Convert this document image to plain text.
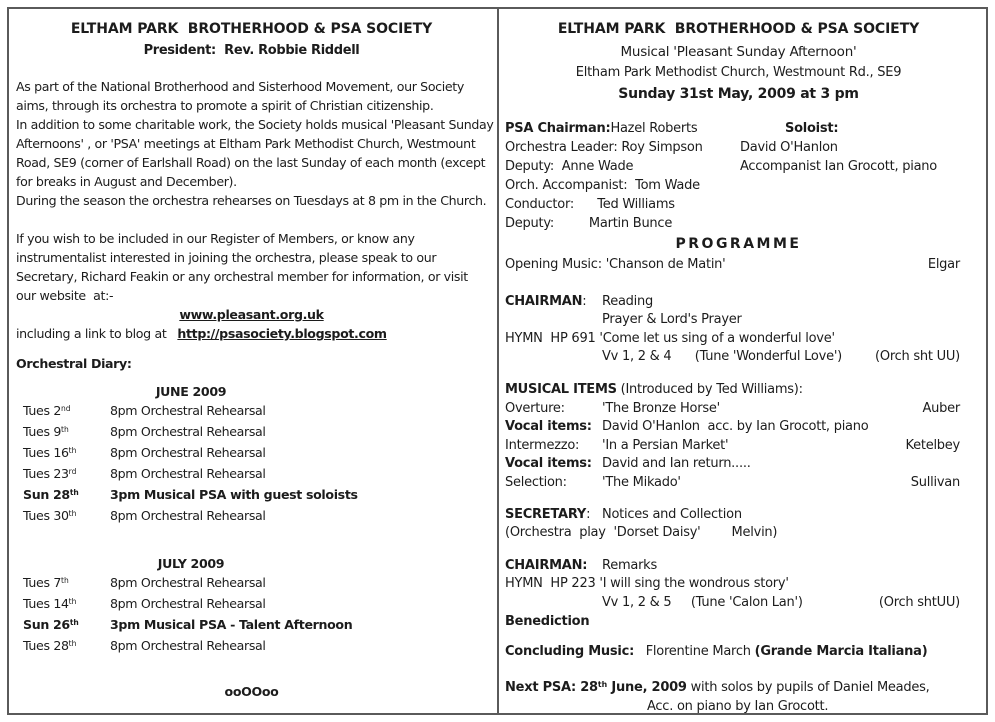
ELTHAM PARK  BROTHERHOOD & PSA SOCIETY
President:  Rev. Robbie Riddell
As part of the National Brotherhood and Sisterhood Movement, our Society
aims, through its orchestra to promote a spirit of Christian citizenship.
In addition to some charitable work, the Society holds musical 'Pleasant Sunday
Afternoons' , or 'PSA' meetings at Eltham Park Methodist Church, Westmount
Road, SE9 (corner of Earlshall Road) on the last Sunday of each month (except
for breaks in August and December).
During the season the orchestra rehearses on Tuesdays at 8 pm in the Church.
If you wish to be included in our Register of Members, or know any
instrumentalist interested in joining the orchestra, please speak to our
Secretary, Richard Feakin or any orchestral member for information, or visit
our website  at:-
www.pleasant.org.uk
including a link to blog at   http://psasociety.blogspot.com
Orchestral Diary:
JUNE 2009
Tues 2nd	8pm Orchestral Rehearsal
Tues 9th	8pm Orchestral Rehearsal
Tues 16th	8pm Orchestral Rehearsal
Tues 23rd	8pm Orchestral Rehearsal
Sun 28th	3pm Musical PSA with guest soloists
Tues 30th	8pm Orchestral Rehearsal
JULY 2009
Tues 7th	8pm Orchestral Rehearsal
Tues 14th	8pm Orchestral Rehearsal
Sun 26th	3pm Musical PSA - Talent Afternoon
Tues 28th	8pm Orchestral Rehearsal
ooOOoo
ELTHAM PARK  BROTHERHOOD & PSA SOCIETY
Musical 'Pleasant Sunday Afternoon'
Eltham Park Methodist Church, Westmount Rd., SE9
Sunday 31st May, 2009 at 3 pm
PSA Chairman:Hazel Roberts
Orchestra Leader: Roy Simpson
Deputy:  Anne Wade
Orch. Accompanist:  Tom Wade
Conductor:      Ted Williams
Deputy:         Martin Bunce
Soloist:
David O'Hanlon
Accompanist Ian Grocott, piano
PROGRAMME
Opening Music: 'Chanson de Matin'	Elgar
CHAIRMAN: Reading
Prayer & Lord's Prayer
HYMN  HP 691 'Come let us sing of a wonderful love'
Vv 1, 2 & 4      (Tune 'Wonderful Love')	(Orch sht UU)
MUSICAL ITEMS (Introduced by Ted Williams):
Overture:	'The Bronze Horse'	Auber
Vocal items: David O'Hanlon  acc. by Ian Grocott, piano
Intermezzo: 'In a Persian Market'	Ketelbey
Vocal items: David and Ian return.....
Selection:	'The Mikado'	Sullivan
SECRETARY: Notices and Collection
(Orchestra  play  'Dorset Daisy'        Melvin)
CHAIRMAN: Remarks
HYMN  HP 223 'I will sing the wondrous story'
Vv 1, 2 & 5     (Tune 'Calon Lan')	(Orch shtUU)
Benediction
Concluding Music:   Florentine March (Grande Marcia Italiana)
Next PSA: 28th June, 2009 with solos by pupils of Daniel Meades,
Acc. on piano by Ian Grocott.
